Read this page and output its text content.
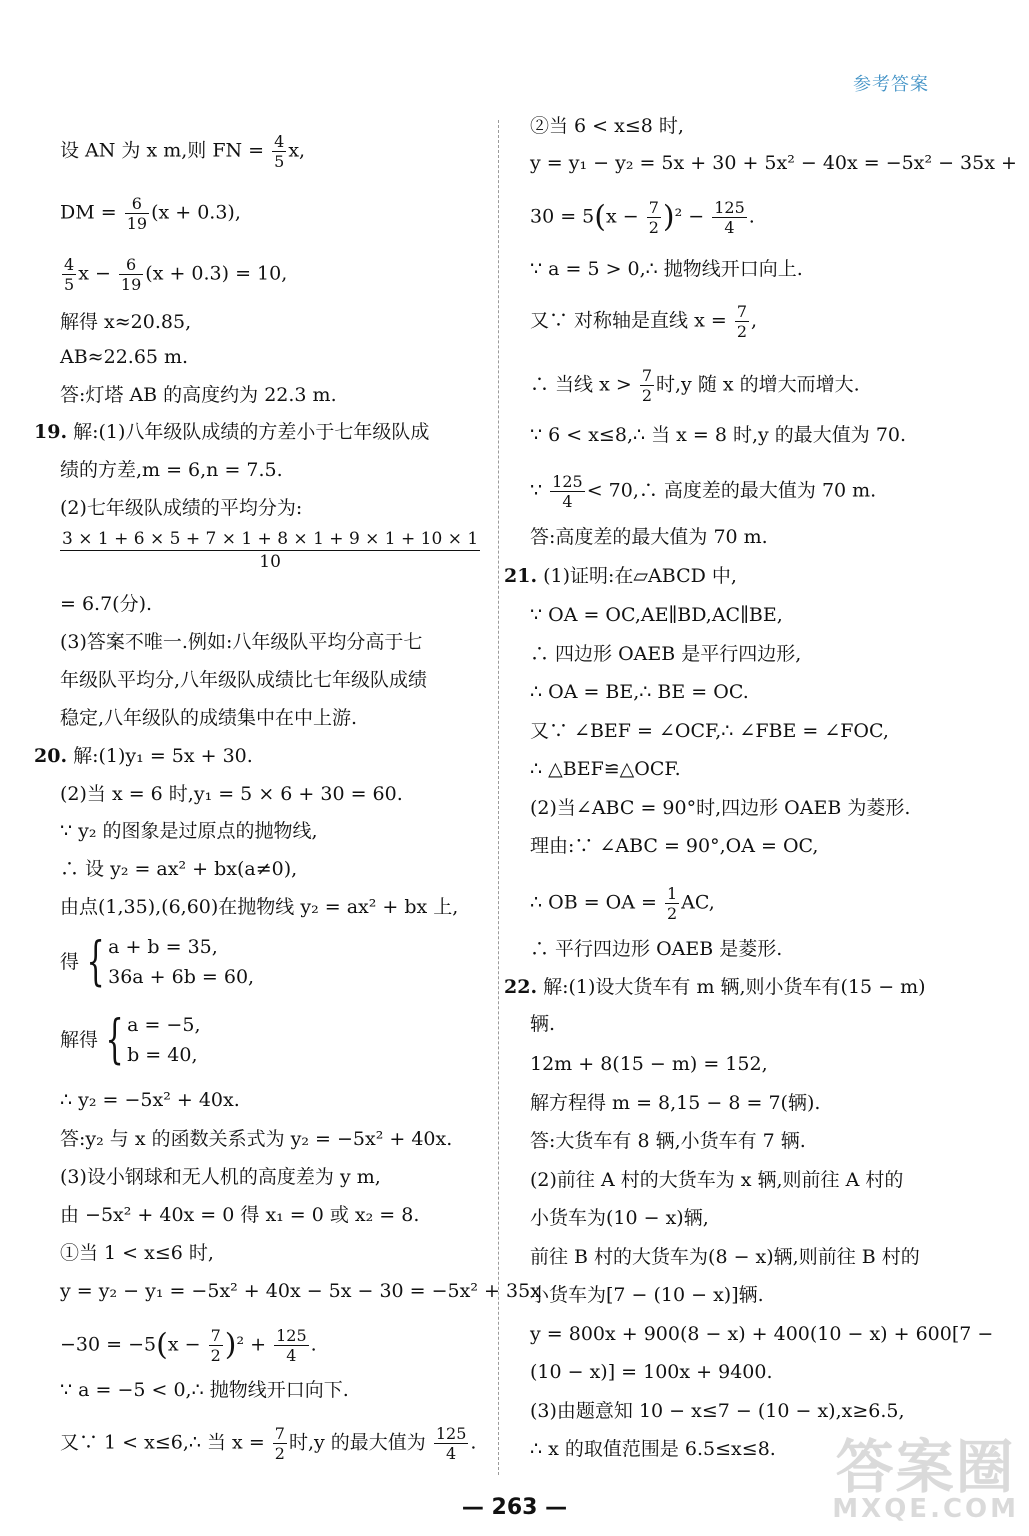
参考答案
设 AN 为 x m,则 FN = $\frac{4}{5} x$,
DM = $\frac{6}{19} (x + 0.3)$,
$\frac{4}{5}$ $x - \frac{6}{19} (x + 0.3) = 10$,
解得 x≈20.85,
AB≈22.65 m.
答:灯塔 AB 的高度约为 22.3 m.
19. 解:(1)八年级队成绩的方差小于七年级队成
绩的方差,m = 6,n = 7.5.
(2)七年级队成绩的平均分为:
$\frac{3 \times 1 + 6 \times 5 + 7 \times 1 + 8 \times 1 + 9 \times 1 + 10 \times 1}{10}$
= 6.7(分).
(3)答案不唯一.例如:八年级队平均分高于七
年级队平均分,八年级队成绩比七年级队成绩
稳定,八年级队的成绩集中在中上游.
20. 解:(1)y₁ = 5x + 30.
(2)当 x = 6 时,y₁ = 5 × 6 + 30 = 60.
∵ y₂ 的图象是过原点的抛物线,
∴ 设 y₂ = ax² + bx(a≠0),
由点(1,35),(6,60)在抛物线 y₂ = ax² + bx 上,
得 { a + b = 35,
36a + 6b = 60,
解得 { a = −5,
b = 40,
∴ y₂ = −5x² + 40x.
答:y₂ 与 x 的函数关系式为 y₂ = −5x² + 40x.
(3)设小钢球和无人机的高度差为 y m,
由 −5x² + 40x = 0 得 x₁ = 0 或 x₂ = 8.
①当 1 < x≤6 时,
y = y₂ − y₁ = −5x² + 40x − 5x − 30 = −5x² + 35x
$-30 = -5(x - \frac{7}{2} )^2 + \frac{125}{4}$ .
∵ a = −5 < 0,∴ 抛物线开口向下.
又∵ 1 < x≤6,∴ 当 $x = \frac{7}{2}$ 时,y 的最大值为 $\frac{125}{4}$ .
②当 6 < x≤8 时,
y = y₁ − y₂ = 5x + 30 + 5x² − 40x = −5x² − 35x +
$30 = 5(x - \frac{7}{2} )^2 - \frac{125}{4}$ .
∵ a = 5 > 0,∴ 抛物线开口向上.
又∵ 对称轴是直线 $x = \frac{7}{2}$ ,
∴ 当线 $x > \frac{7}{2}$ 时,y 随 x 的增大而增大.
∵ 6 < x≤8,∴ 当 x = 8 时,y 的最大值为 70.
∵ $\frac{125}{4}$ < 70,∴ 高度差的最大值为 70 m.
答:高度差的最大值为 70 m.
21. (1)证明:在▱ABCD 中,
∵ OA = OC,AE∥BD,AC∥BE,
∴ 四边形 OAEB 是平行四边形,
∴ OA = BE,∴ BE = OC.
又∵ ∠BEF = ∠OCF,∴ ∠FBE = ∠FOC,
∴ △BEF≌△OCF.
(2)当∠ABC = 90°时,四边形 OAEB 为菱形.
理由:∵ ∠ABC = 90°,OA = OC,
∴ OB = OA = $\frac{1}{2}$ AC,
∴ 平行四边形 OAEB 是菱形.
22. 解:(1)设大货车有 m 辆,则小货车有(15 − m)
辆.
12m + 8(15 − m) = 152,
解方程得 m = 8,15 − 8 = 7(辆).
答:大货车有 8 辆,小货车有 7 辆.
(2)前往 A 村的大货车为 x 辆,则前往 A 村的
小货车为(10 − x)辆,
前往 B 村的大货车为(8 − x)辆,则前往 B 村的
小货车为[7 − (10 − x)]辆.
y = 800x + 900(8 − x) + 400(10 − x) + 600[7 −
(10 − x)] = 100x + 9400.
(3)由题意知 10 − x≤7 − (10 − x),x≥6.5,
∴ x 的取值范围是 6.5≤x≤8.
— 263 —
答案圈
MXQE.COM
